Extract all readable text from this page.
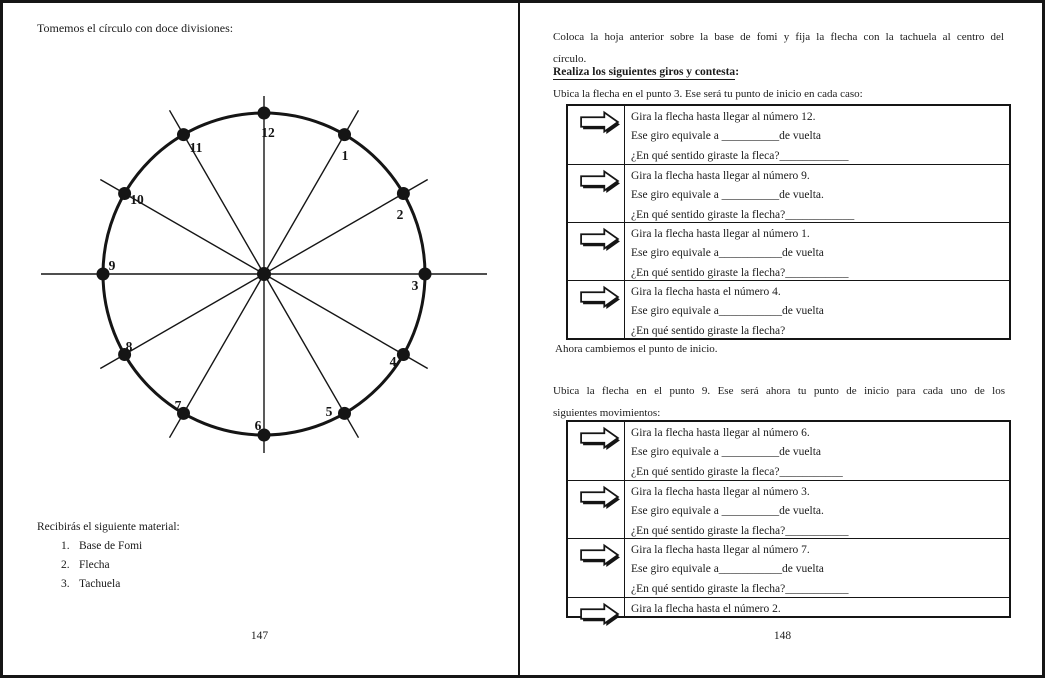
Tomemos el círculo con doce divisiones:
12
1
2
3
4
5
6
7
8
9
10
11
Recibirás el siguiente material:
1. Base de Fomi
2. Flecha
3. Tachuela
147
Coloca la hoja anterior sobre la base de fomi y fija la flecha con la tachuela al centro del
círculo.
Realiza los siguientes giros y contesta:
Ubica la flecha en el punto 3. Ese será tu punto de inicio en cada caso:
Gira la flecha hasta llegar al número 12.
Ese giro equivale a __________de vuelta
¿En qué sentido giraste la fleca?____________
Gira la flecha hasta llegar al número 9.
Ese giro equivale a __________de vuelta.
¿En qué sentido giraste la flecha?____________
Gira la flecha hasta llegar al número 1.
Ese giro equivale a___________de vuelta
¿En qué sentido giraste la flecha?___________
Gira la flecha hasta el número 4.
Ese giro equivale a___________de vuelta
¿En qué sentido giraste la flecha?
Ahora cambiemos el punto de inicio.
Ubica la flecha en el punto 9. Ese será ahora tu punto de inicio para cada uno de los
siguientes movimientos:
Gira la flecha hasta llegar al número 6.
Ese giro equivale a __________de vuelta
¿En qué sentido giraste la fleca?___________
Gira la flecha hasta llegar al número 3.
Ese giro equivale a __________de vuelta.
¿En qué sentido giraste la flecha?___________
Gira la flecha hasta llegar al número 7.
Ese giro equivale a___________de vuelta
¿En qué sentido giraste la flecha?___________
Gira la flecha hasta el número 2.
148
